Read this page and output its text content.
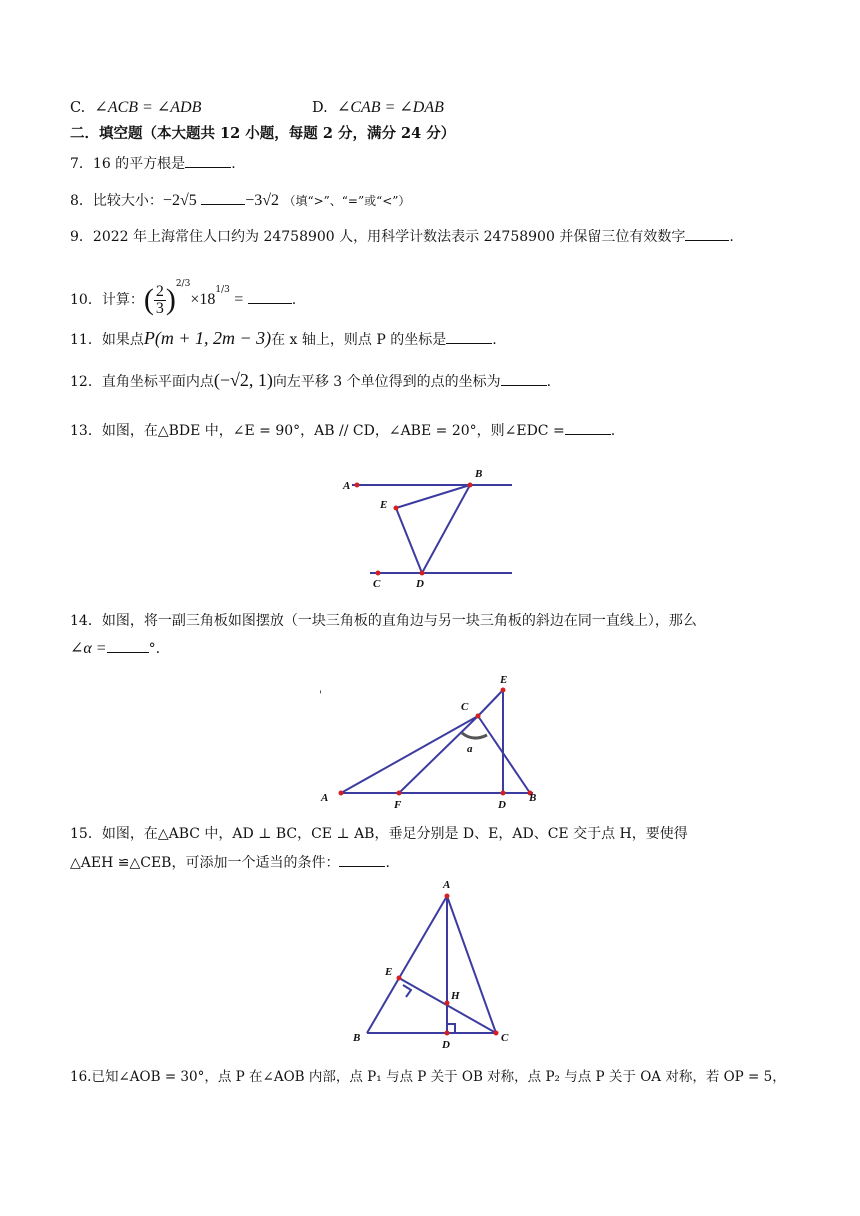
C. ∠ACB = ∠ADB	D. ∠CAB = ∠DAB
二．填空题（本大题共 12 小题，每题 2 分，满分 24 分）
7．16 的平方根是	.
8．比较大小：−2√5	−3√2 （填“>”、“=”或“<”）
9．2022 年上海常住人口约为 24758900 人，用科学计数法表示 24758900 并保留三位有效数字	.
10．计算：( $\frac{2}{3} )^{2/3}\times 18^{1/3}$ =	.
11．如果点P(m + 1, 2m − 3)在 x 轴上，则点 P 的坐标是	.
12．直角坐标平面内点(−√2, 1)向左平移 3 个单位得到的点的坐标为	.
13．如图，在△BDE 中，∠E = 90°，AB // CD，∠ABE = 20°，则∠EDC =	.
A
B
E
C	D
14．如图，将一副三角板如图摆放（一块三角板的直角边与另一块三角板的斜边在同一直线上），那么
∠α =	°.
'
E
C
a
A
F	D
B
15．如图，在△ABC 中，AD ⊥ BC，CE ⊥ AB，垂足分别是 D、E，AD、CE 交于点 H，要使得
△AEH ≌△CEB，可添加一个适当的条件：	.
A
E
H
B
D
C
16.已知∠AOB = 30°，点 P 在∠AOB 内部，点 P₁ 与点 P 关于 OB 对称，点 P₂ 与点 P 关于 OA 对称，若 OP = 5，
